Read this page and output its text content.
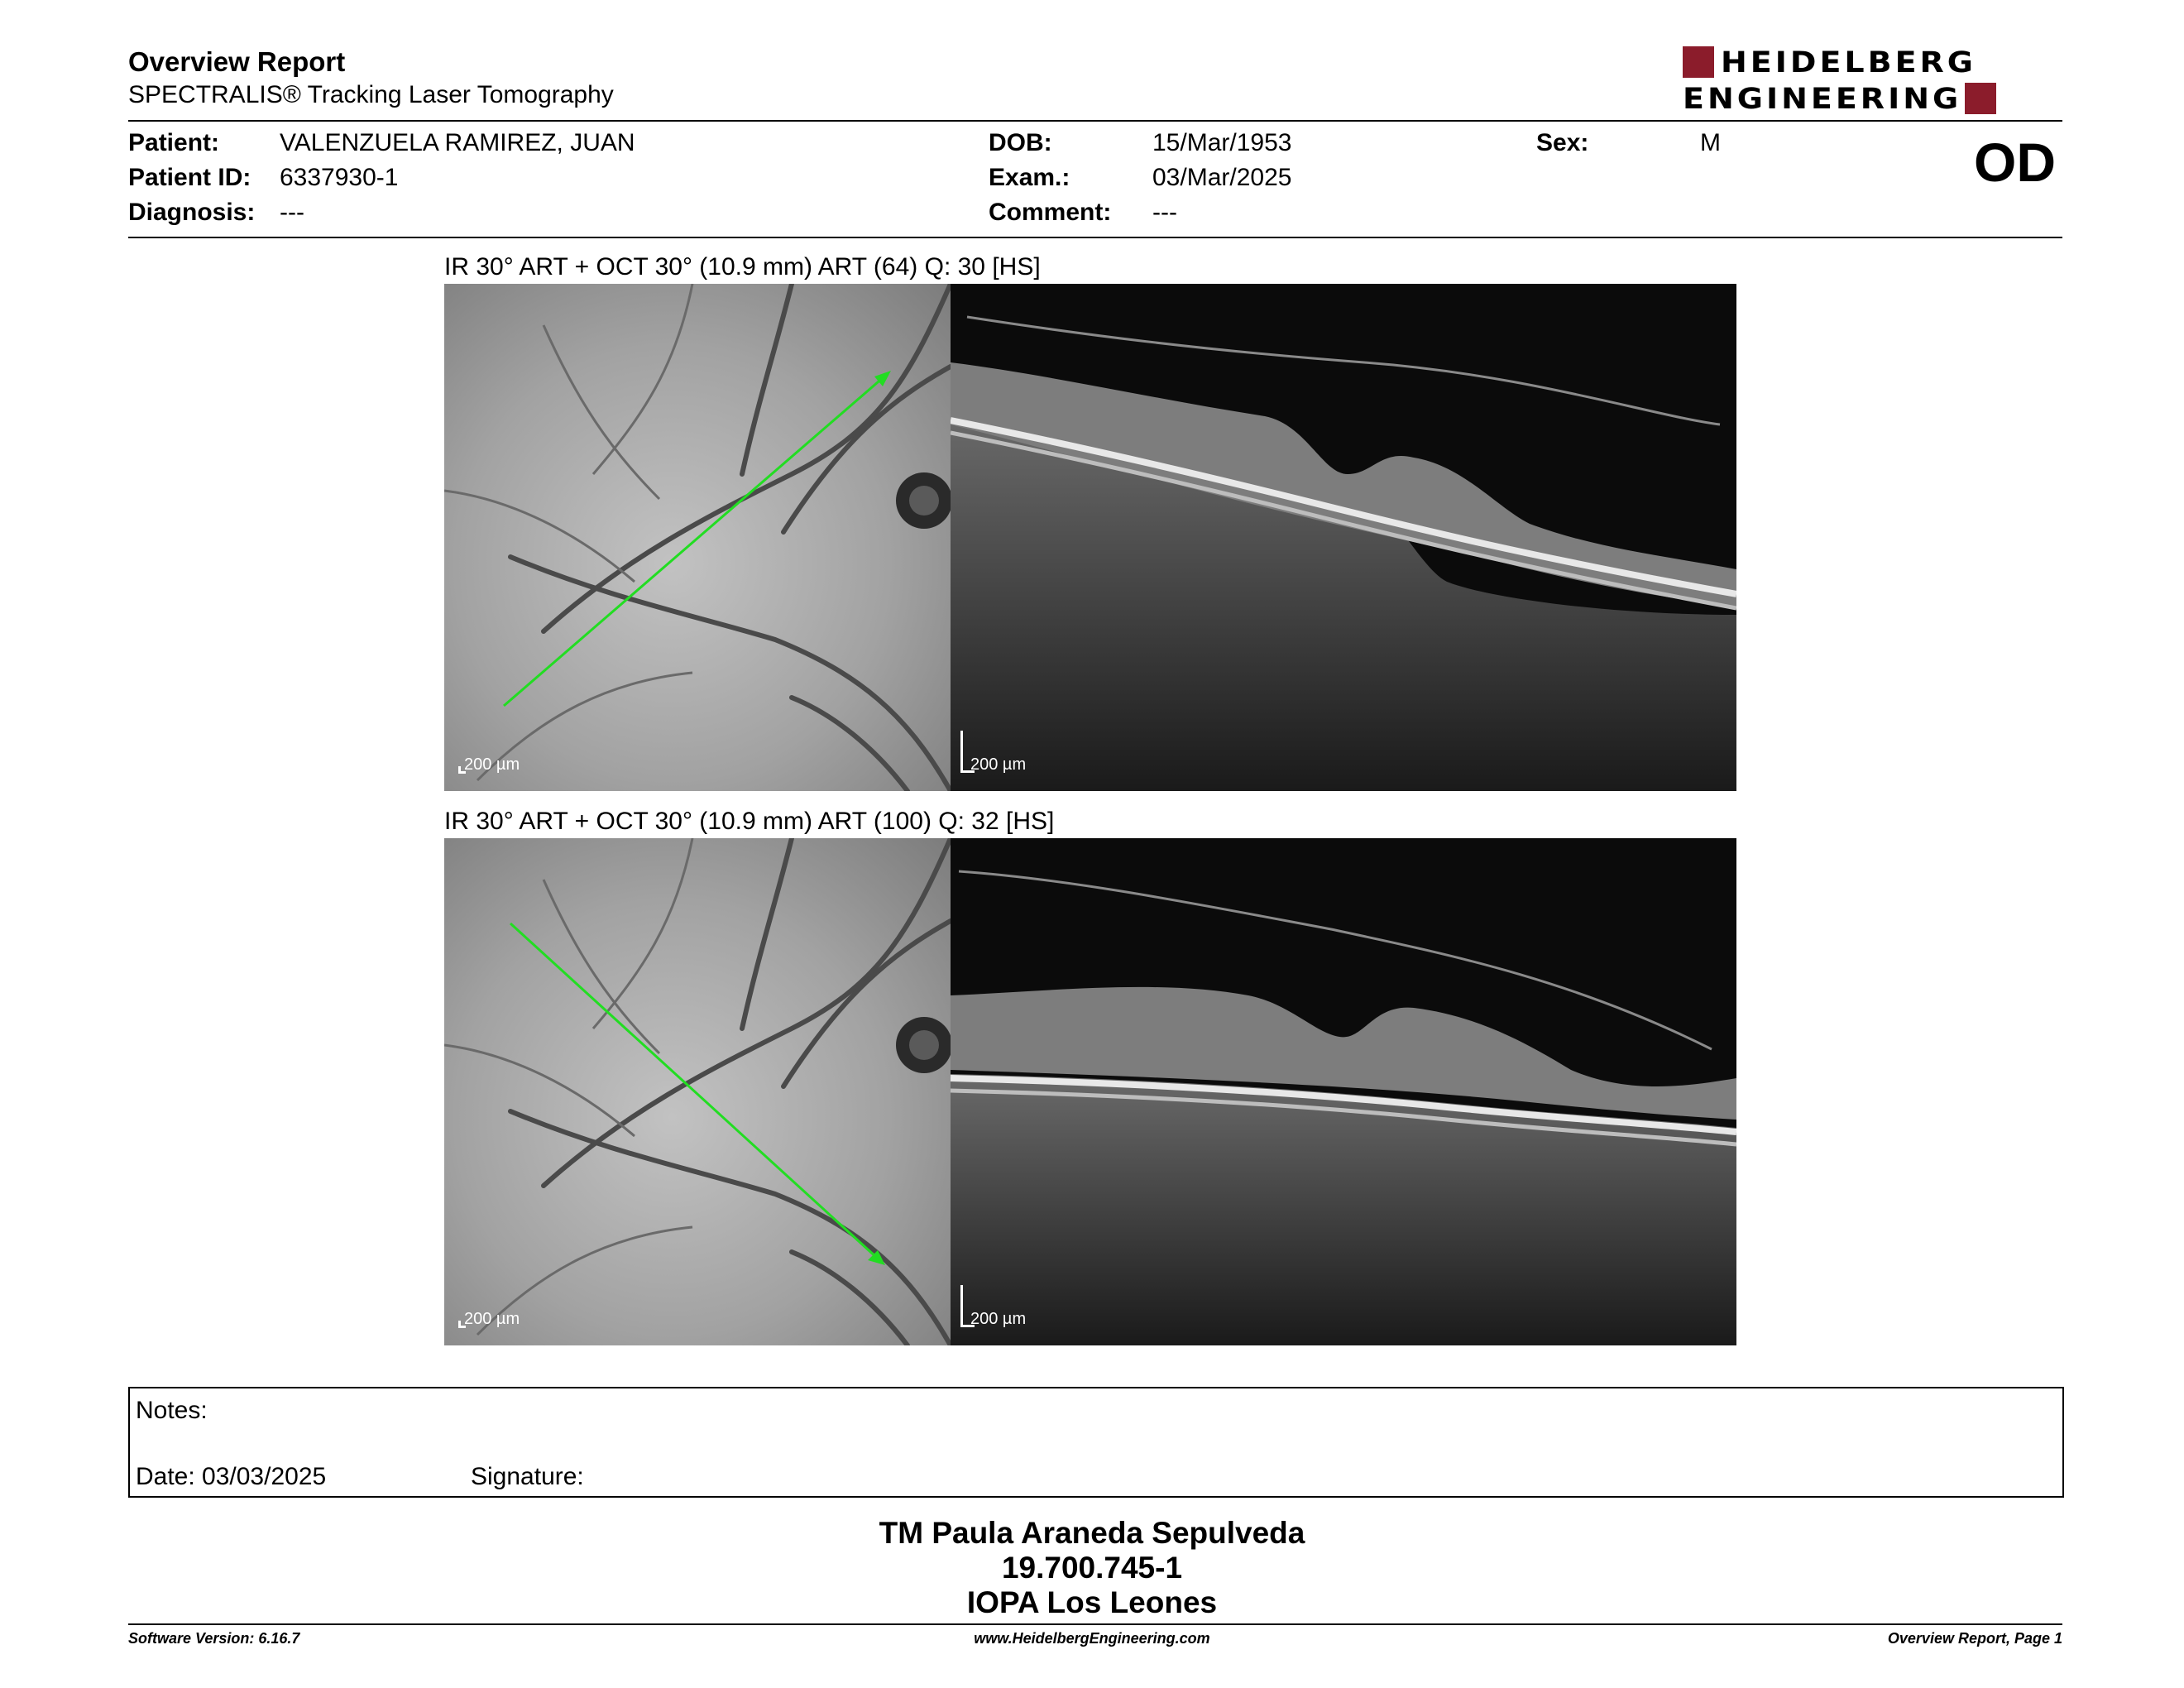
Overview Report
SPECTRALIS® Tracking Laser Tomography
HEIDELBERG
ENGINEERING
Patient: VALENZUELA RAMIREZ, JUAN
Patient ID: 6337930-1
Diagnosis: ---
DOB:	15/Mar/1953
Exam.:	03/Mar/2025
Comment: ---
Sex:	M	OD
IR 30° ART + OCT 30° (10.9 mm) ART (64) Q: 30 [HS]
200 µm	200 µm
IR 30° ART + OCT 30° (10.9 mm) ART (100) Q: 32 [HS]
200 µm	200 µm
Notes:
Date: 03/03/2025	Signature:
TM Paula Araneda Sepulveda
19.700.745-1
IOPA Los Leones
Software Version: 6.16.7	www.HeidelbergEngineering.com	Overview Report, Page 1
